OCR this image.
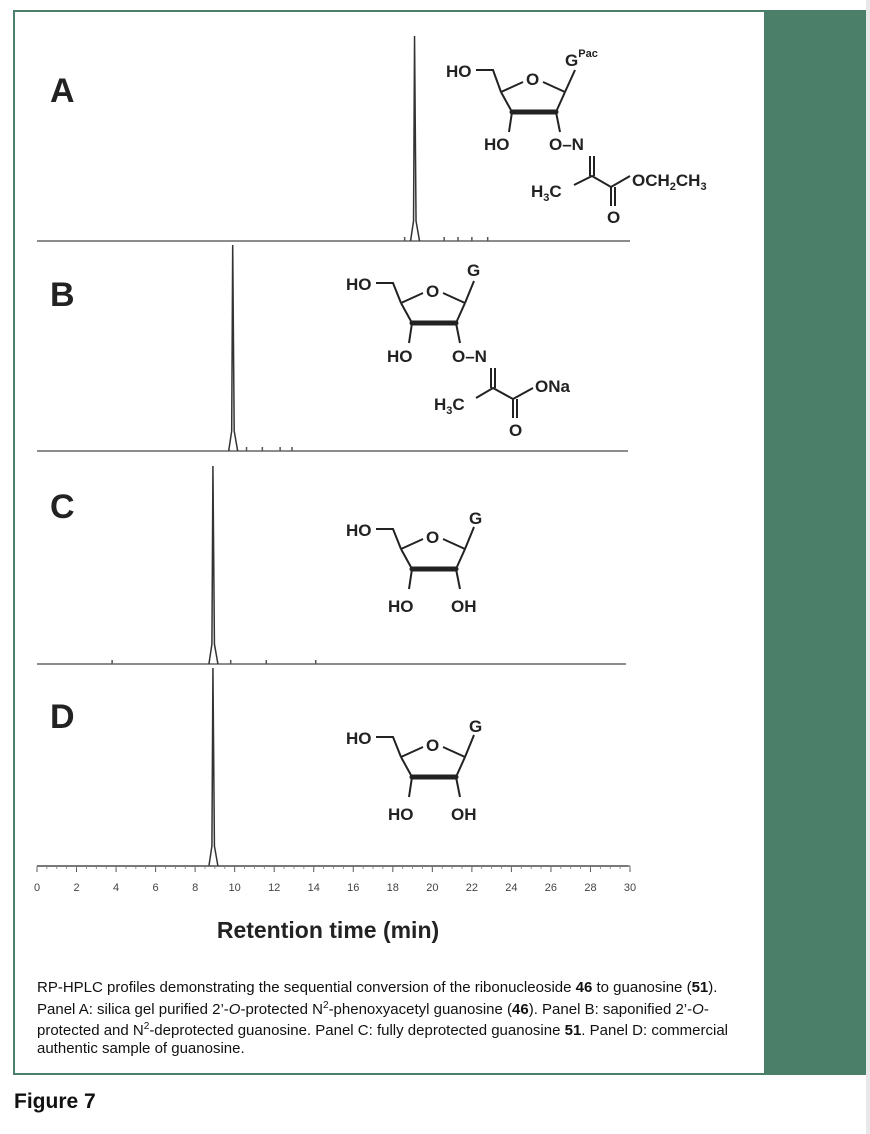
A
B
C
D
0	2	4	6	8	10 12 14 16 18 20 22 24 26 28 30
Retention time (min)
HO	O
$G^{Pac}$
HO O–N
$H_3C$
O
$OCH_2CH_3$
HO	O
G
HO O–N
$H_3C$
O
ONa
HO	O
G
HO OH
HO	O
G
HO OH
RP-HPLC profiles demonstrating the sequential conversion of the ribonucleoside 46 to guanosine (51). Panel A: silica gel purified 2’-O-protected $N^2$-phenoxyacetyl guanosine (46). Panel B: saponified 2’-O-protected and $N^2$-deprotected guanosine. Panel C: fully deprotected guanosine 51. Panel D: commercial authentic sample of guanosine.
Figure 7
